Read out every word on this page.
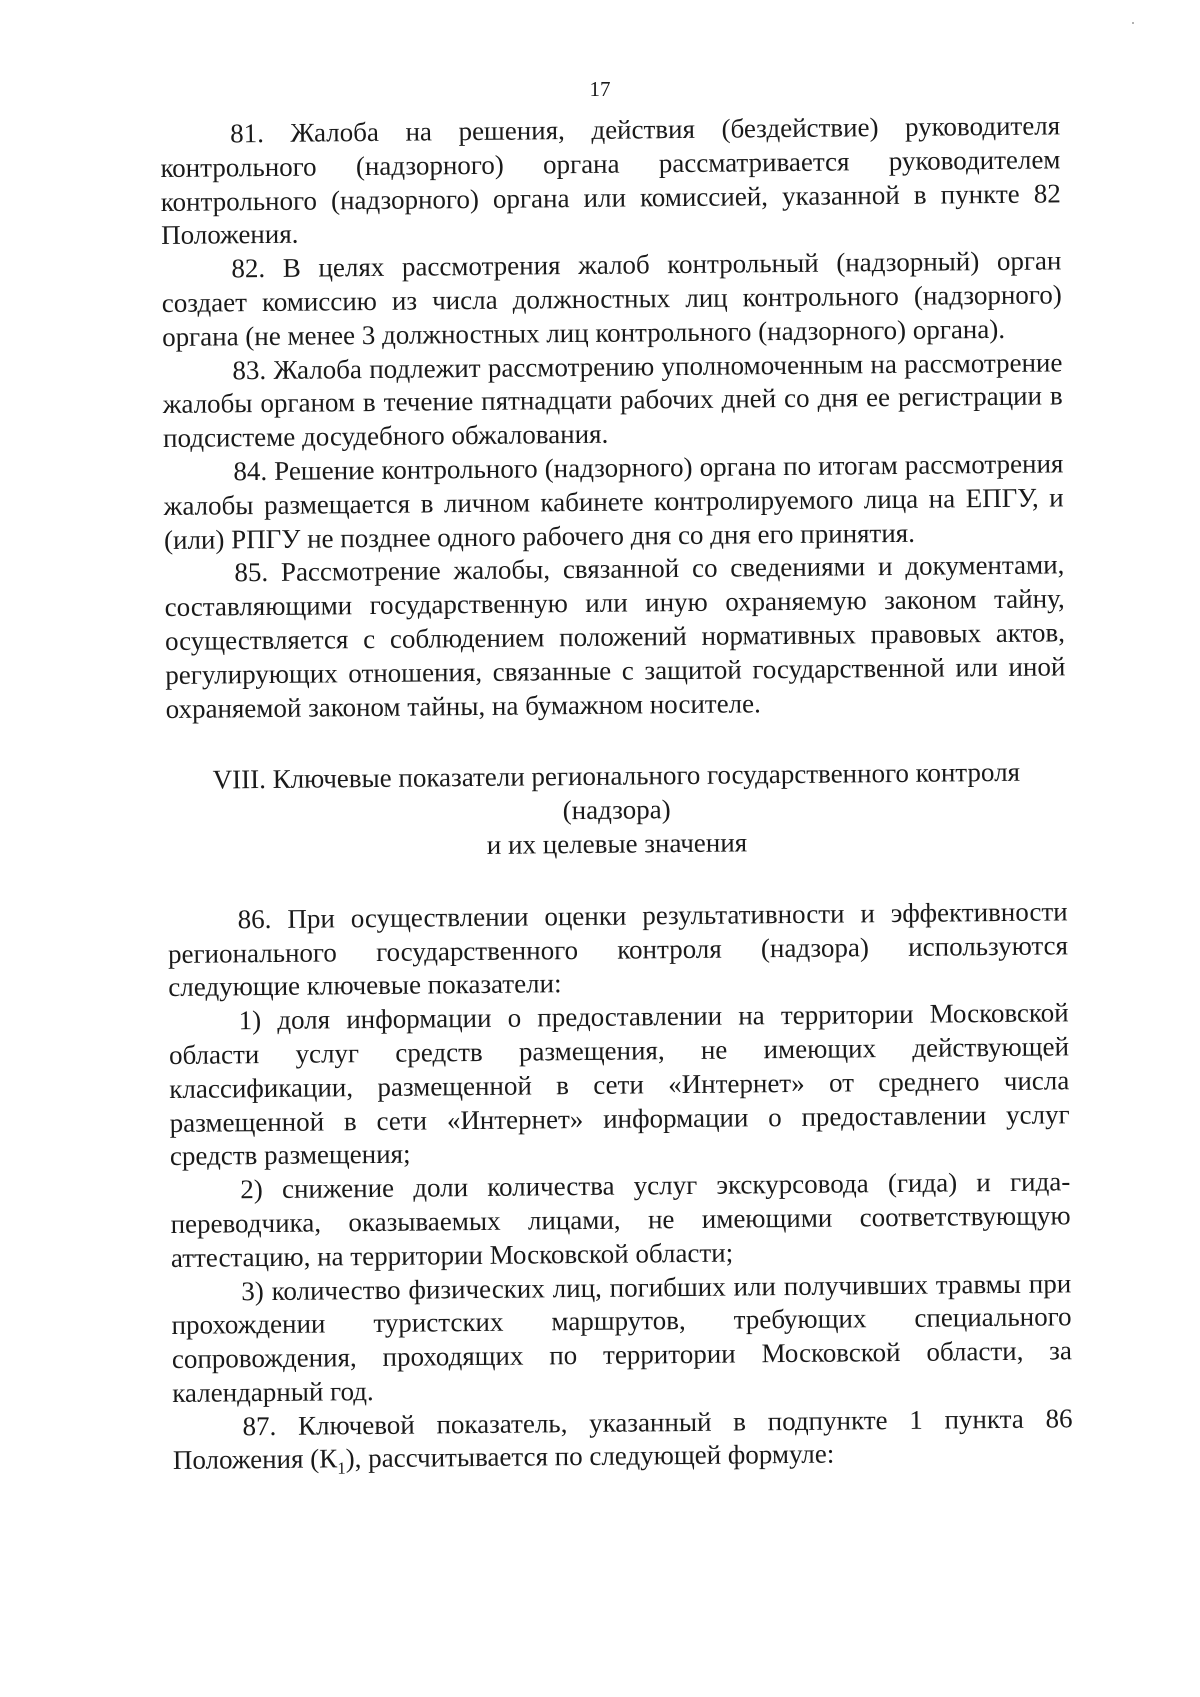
17

81. Жалоба на решения, действия (бездействие) руководителя контрольного (надзорного) органа рассматривается руководителем контрольного (надзорного) органа или комиссией, указанной в пункте 82 Положения.

82. В целях рассмотрения жалоб контрольный (надзорный) орган создает комиссию из числа должностных лиц контрольного (надзорного) органа (не менее 3 должностных лиц контрольного (надзорного) органа).

83. Жалоба подлежит рассмотрению уполномоченным на рассмотрение жалобы органом в течение пятнадцати рабочих дней со дня ее регистрации в подсистеме досудебного обжалования.

84. Решение контрольного (надзорного) органа по итогам рассмотрения жалобы размещается в личном кабинете контролируемого лица на ЕПГУ, и (или) РПГУ не позднее одного рабочего дня со дня его принятия.

85. Рассмотрение жалобы, связанной со сведениями и документами, составляющими государственную или иную охраняемую законом тайну, осуществляется с соблюдением положений нормативных правовых актов, регулирующих отношения, связанные с защитой государственной или иной охраняемой законом тайны, на бумажном носителе.

VIII. Ключевые показатели регионального государственного контроля (надзора)
и их целевые значения

86. При осуществлении оценки результативности и эффективности регионального государственного контроля (надзора) используются следующие ключевые показатели:

1) доля информации о предоставлении на территории Московской области услуг средств размещения, не имеющих действующей классификации, размещенной в сети «Интернет» от среднего числа размещенной в сети «Интернет» информации о предоставлении услуг средств размещения;

2) снижение доли количества услуг экскурсовода (гида) и гида-переводчика, оказываемых лицами, не имеющими соответствующую аттестацию, на территории Московской области;

3) количество физических лиц, погибших или получивших травмы при прохождении туристских маршрутов, требующих специального сопровождения, проходящих по территории Московской области, за календарный год.

87. Ключевой показатель, указанный в подпункте 1 пункта 86 Положения $(К_1)$, рассчитывается по следующей формуле:
